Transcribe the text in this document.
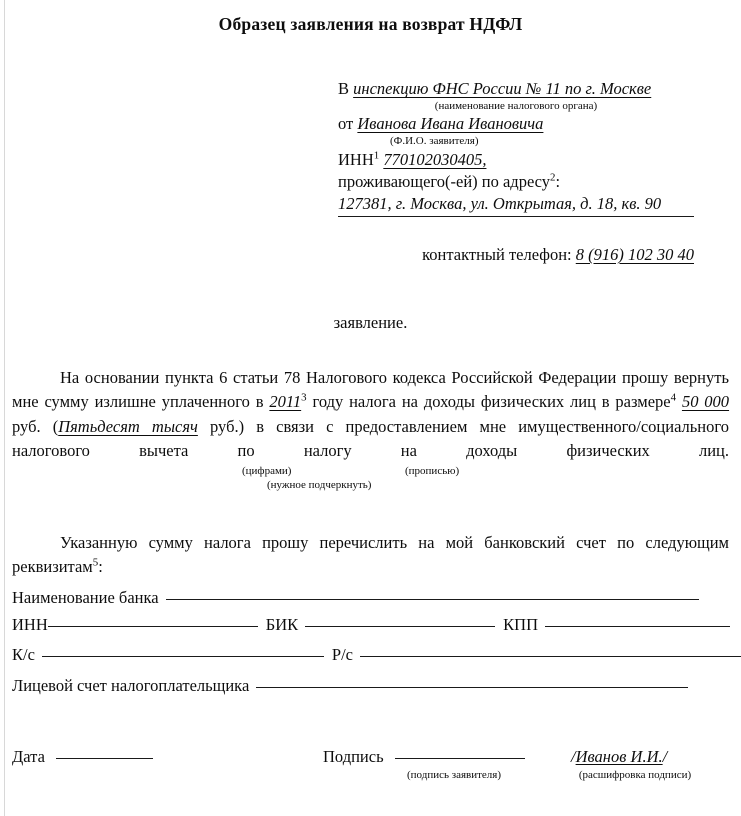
Образец заявления на возврат НДФЛ
В инспекцию ФНС России № 11 по г. Москве
(наименование налогового органа)
от Иванова Ивана Ивановича
(Ф.И.О. заявителя)
ИНН$^1$ 770102030405,
проживающего(-ей) по адресу$^2$:
127381, г. Москва, ул. Открытая, д. 18, кв. 90
контактный телефон: 8 (916) 102 30 40
заявление.
На основании пункта 6 статьи 78 Налогового кодекса Российской Федерации прошу вернуть мне сумму излишне уплаченного в 2011$^3$ году налога на доходы физических лиц в размере$^4$ 50 000 руб. (Пятьдесят тысяч руб.) в связи с предоставлением мне имущественного/социального налогового вычета по налогу на доходы физических лиц.
(цифрами)	(прописью)
(нужное подчеркнуть)
Указанную сумму налога прошу перечислить на мой банковский счет по следующим реквизитам$^5$:
Наименование банка
ИНН	БИК	КПП
К/с	Р/с
Лицевой счет налогоплательщика
Дата	Подпись
(подпись заявителя)
/Иванов И.И./
(расшифровка подписи)
